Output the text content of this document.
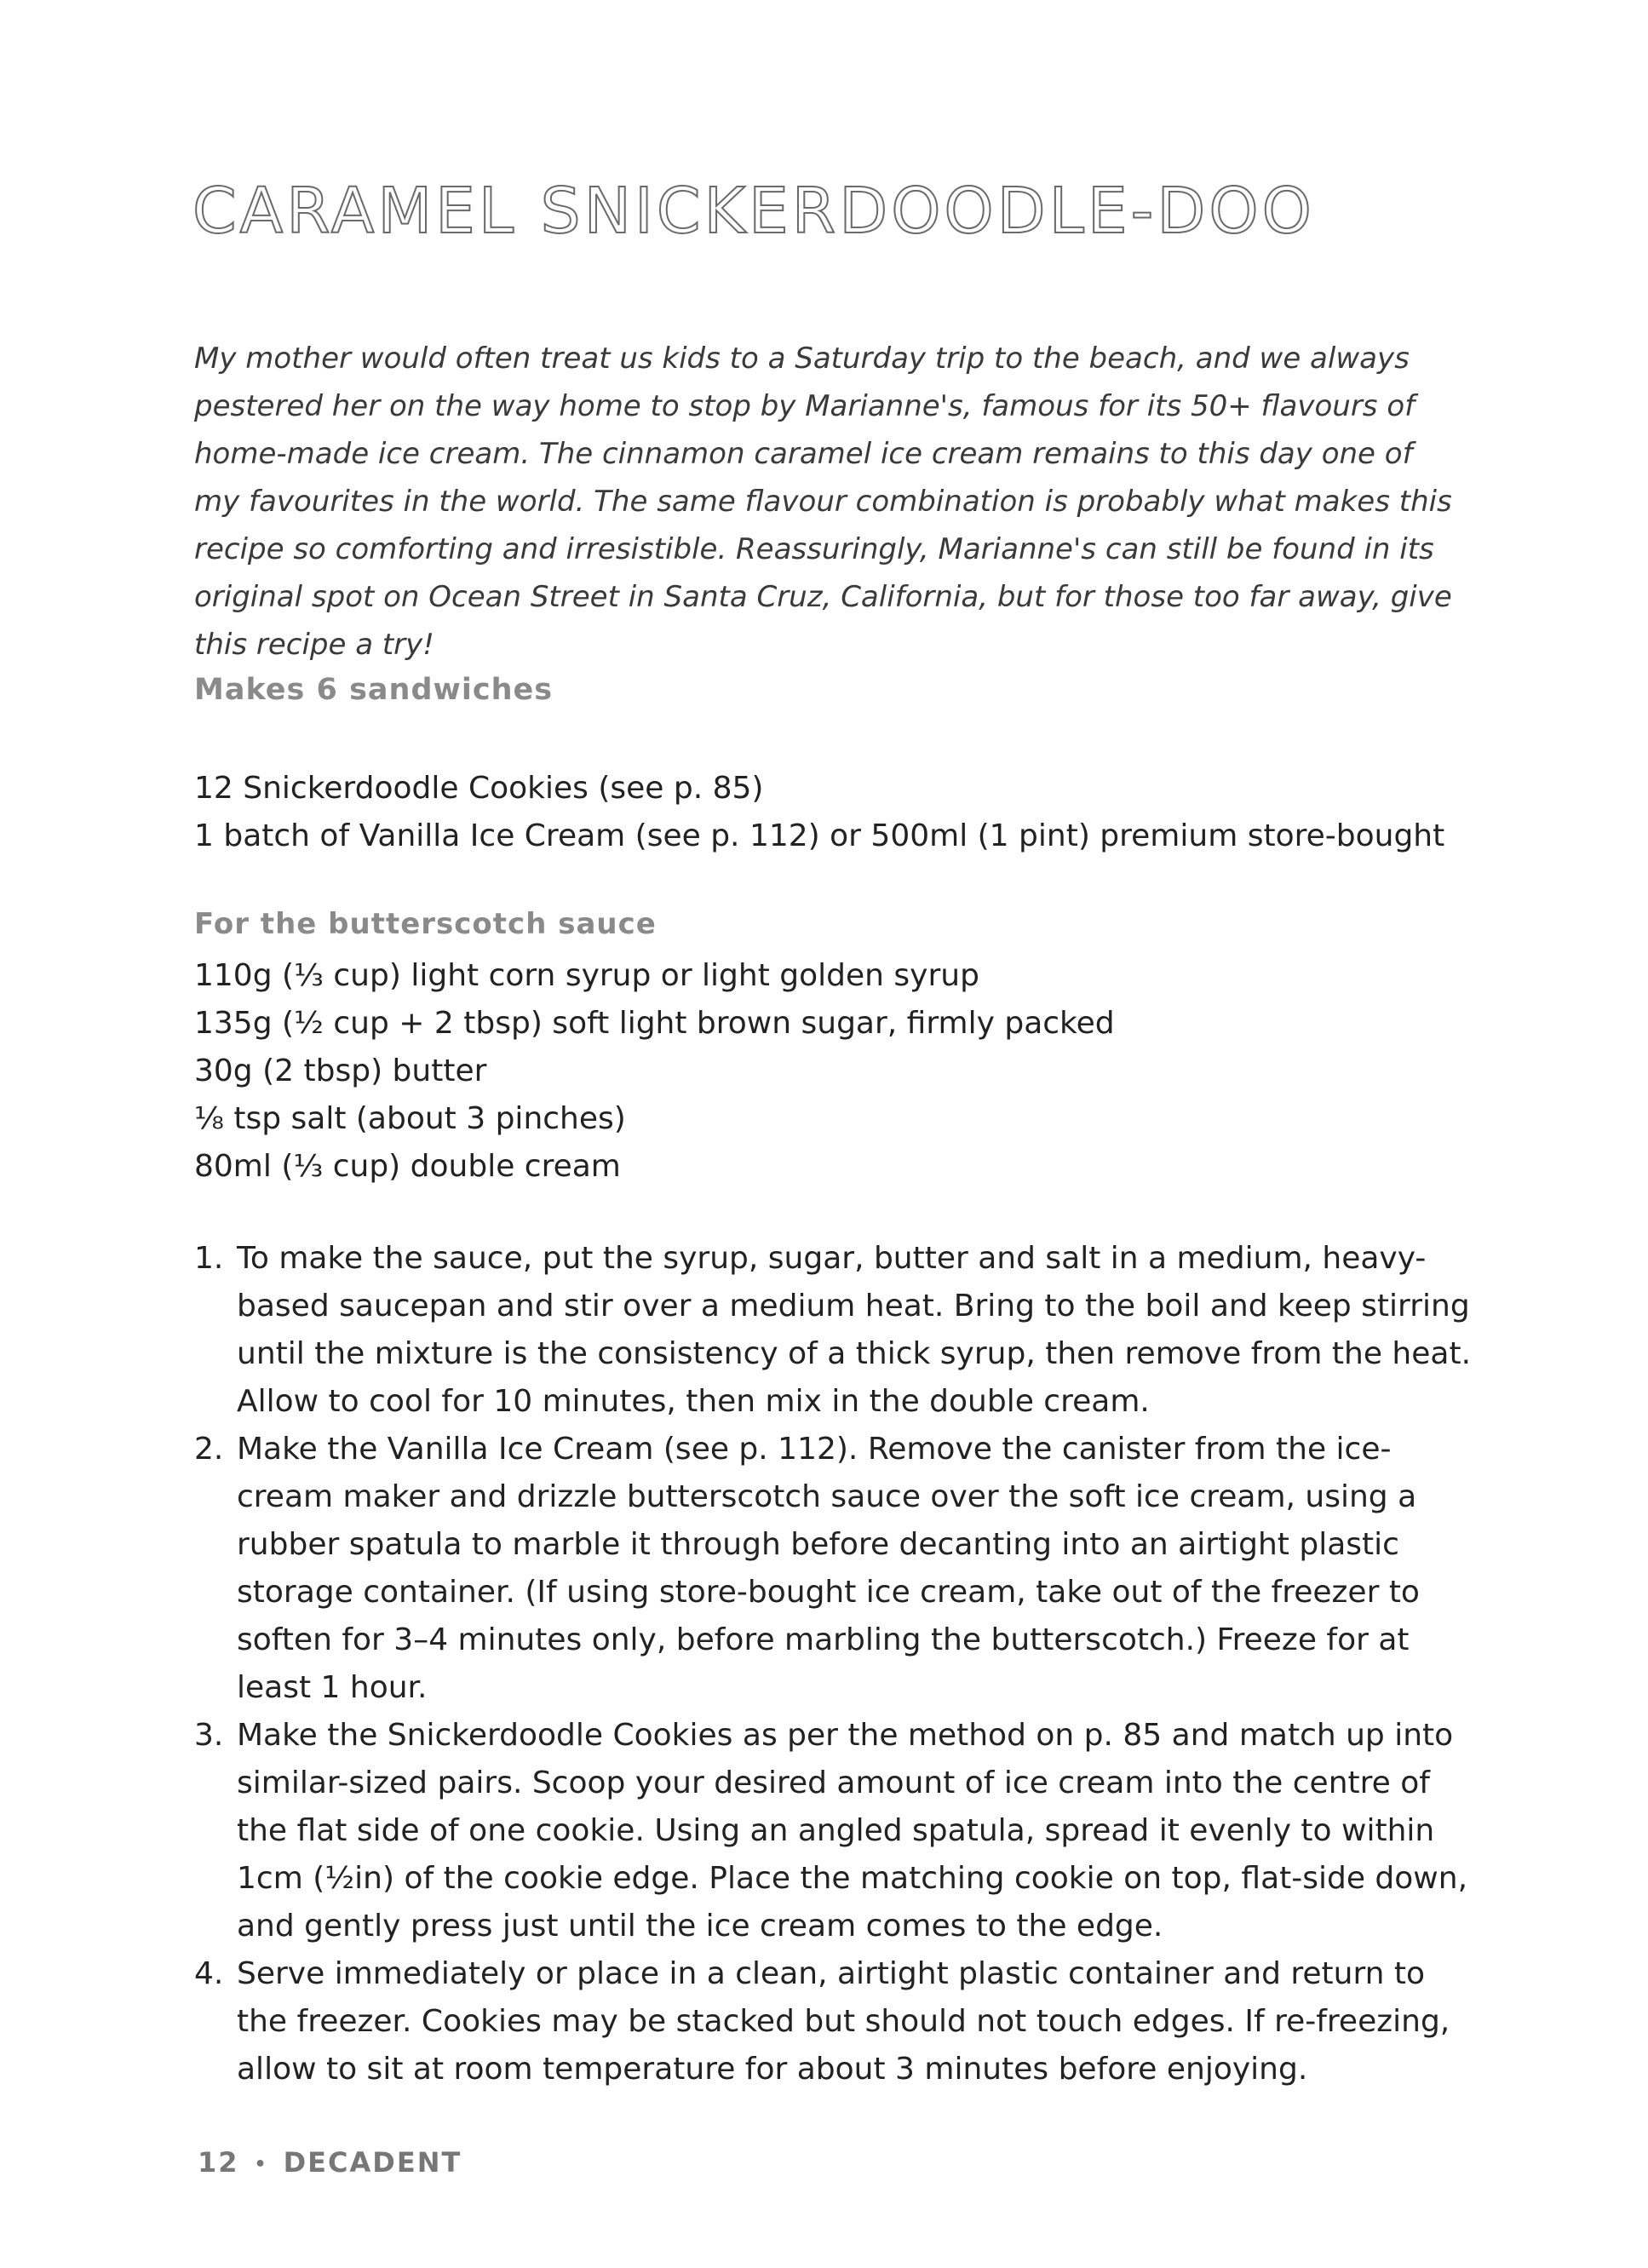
CARAMEL SNICKERDOODLE-DOO

My mother would often treat us kids to a Saturday trip to the beach, and we always pestered her on the way home to stop by Marianne's, famous for its 50+ flavours of home-made ice cream. The cinnamon caramel ice cream remains to this day one of my favourites in the world. The same flavour combination is probably what makes this recipe so comforting and irresistible. Reassuringly, Marianne's can still be found in its original spot on Ocean Street in Santa Cruz, California, but for those too far away, give this recipe a try!

Makes 6 sandwiches

12 Snickerdoodle Cookies (see p. 85)
1 batch of Vanilla Ice Cream (see p. 112) or 500ml (1 pint) premium store-bought

For the butterscotch sauce

110g (⅓ cup) light corn syrup or light golden syrup
135g (½ cup + 2 tbsp) soft light brown sugar, firmly packed
30g (2 tbsp) butter
⅛ tsp salt (about 3 pinches)
80ml (⅓ cup) double cream
1. To make the sauce, put the syrup, sugar, butter and salt in a medium, heavy-based saucepan and stir over a medium heat. Bring to the boil and keep stirring until the mixture is the consistency of a thick syrup, then remove from the heat. Allow to cool for 10 minutes, then mix in the double cream.
2. Make the Vanilla Ice Cream (see p. 112). Remove the canister from the ice-cream maker and drizzle butterscotch sauce over the soft ice cream, using a rubber spatula to marble it through before decanting into an airtight plastic storage container. (If using store-bought ice cream, take out of the freezer to soften for 3–4 minutes only, before marbling the butterscotch.) Freeze for at least 1 hour.
3. Make the Snickerdoodle Cookies as per the method on p. 85 and match up into similar-sized pairs. Scoop your desired amount of ice cream into the centre of the flat side of one cookie. Using an angled spatula, spread it evenly to within 1cm (½in) of the cookie edge. Place the matching cookie on top, flat-side down, and gently press just until the ice cream comes to the edge.
4. Serve immediately or place in a clean, airtight plastic container and return to the freezer. Cookies may be stacked but should not touch edges. If re-freezing, allow to sit at room temperature for about 3 minutes before enjoying.

12 • DECADENT
